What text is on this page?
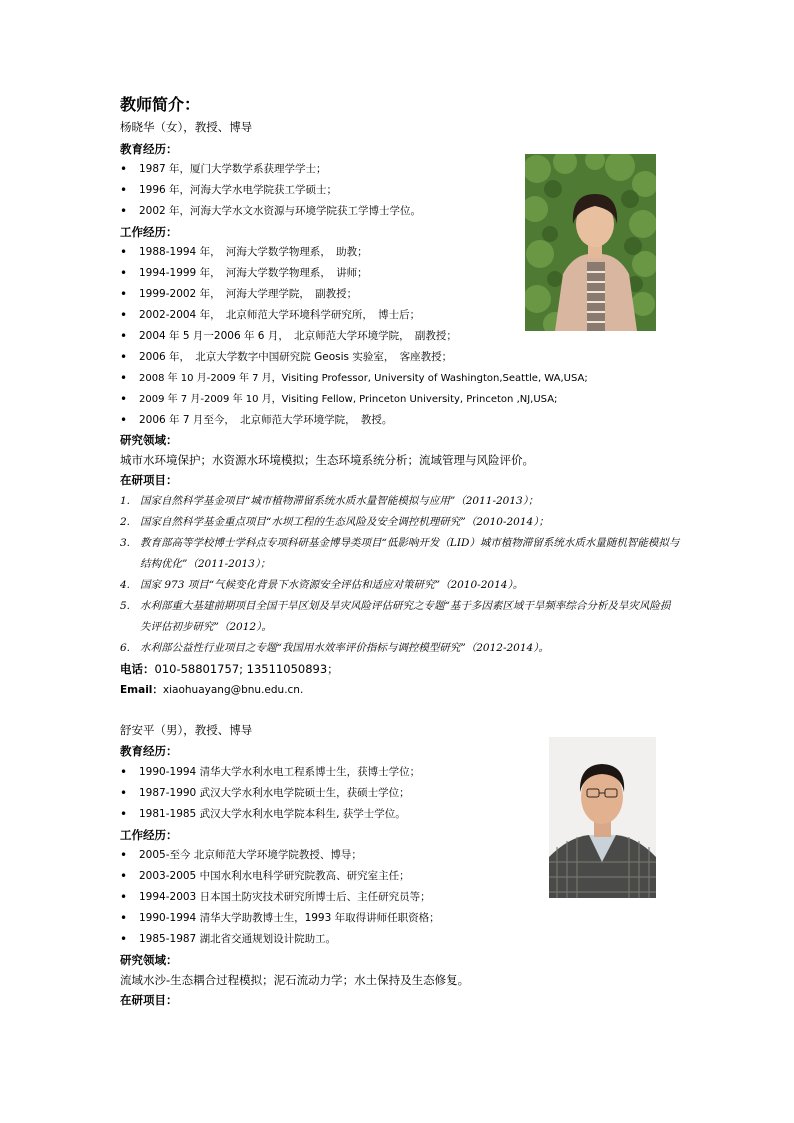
教师简介：
杨晓华（女），教授、博导
教育经历：
• 1987 年，厦门大学数学系获理学学士；
• 1996 年，河海大学水电学院获工学硕士；
• 2002 年，河海大学水文水资源与环境学院获工学博士学位。
工作经历：
• 1988-1994 年，　河海大学数学物理系，　助教；
• 1994-1999 年，　河海大学数学物理系，　讲师；
• 1999-2002 年，　河海大学理学院，　副教授；
• 2002-2004 年，　北京师范大学环境科学研究所，　博士后；
• 2004 年 5 月一2006 年 6 月，　北京师范大学环境学院，　副教授；
• 2006 年，　北京大学数字中国研究院 Geosis 实验室，　客座教授；
• 2008 年 10 月-2009 年 7 月，Visiting Professor, University of Washington,Seattle, WA,USA;
• 2009 年 7 月-2009 年 10 月，Visiting Fellow, Princeton University, Princeton ,NJ,USA;
• 2006 年 7 月至今，　北京师范大学环境学院，　教授。
研究领域：
城市水环境保护；水资源水环境模拟；生态环境系统分析；流域管理与风险评价。
在研项目：
1. 国家自然科学基金项目“城市植物滞留系统水质水量智能模拟与应用”（2011-2013）；
2. 国家自然科学基金重点项目“水坝工程的生态风险及安全调控机理研究”（2010-2014）；
3. 教育部高等学校博士学科点专项科研基金博导类项目“低影响开发（LID）城市植物滞留系统水质水量随机智能模拟与结构优化”（2011-2013）；
4. 国家 973 项目“气候变化背景下水资源安全评估和适应对策研究”（2010-2014）。
5. 水利部重大基建前期项目全国干旱区划及旱灾风险评估研究之专题“基于多因素区域干旱频率综合分析及旱灾风险损失评估初步研究”（2012）。
6. 水利部公益性行业项目之专题“我国用水效率评价指标与调控模型研究”（2012-2014）。
电话：010-58801757; 13511050893；
Email：xiaohuayang@bnu.edu.cn.
舒安平（男），教授、博导
教育经历：
• 1990-1994 清华大学水利水电工程系博士生，获博士学位；
• 1987-1990 武汉大学水利水电学院硕士生，获硕士学位；
• 1981-1985 武汉大学水利水电学院本科生, 获学士学位。
工作经历：
• 2005-至今 北京师范大学环境学院教授、博导；
• 2003-2005 中国水利水电科学研究院教高、研究室主任；
• 1994-2003 日本国土防灾技术研究所博士后、主任研究员等；
• 1990-1994 清华大学助教博士生，1993 年取得讲师任职资格；
• 1985-1987 湖北省交通规划设计院助工。
研究领域：
流域水沙-生态耦合过程模拟；泥石流动力学；水土保持及生态修复。
在研项目：
